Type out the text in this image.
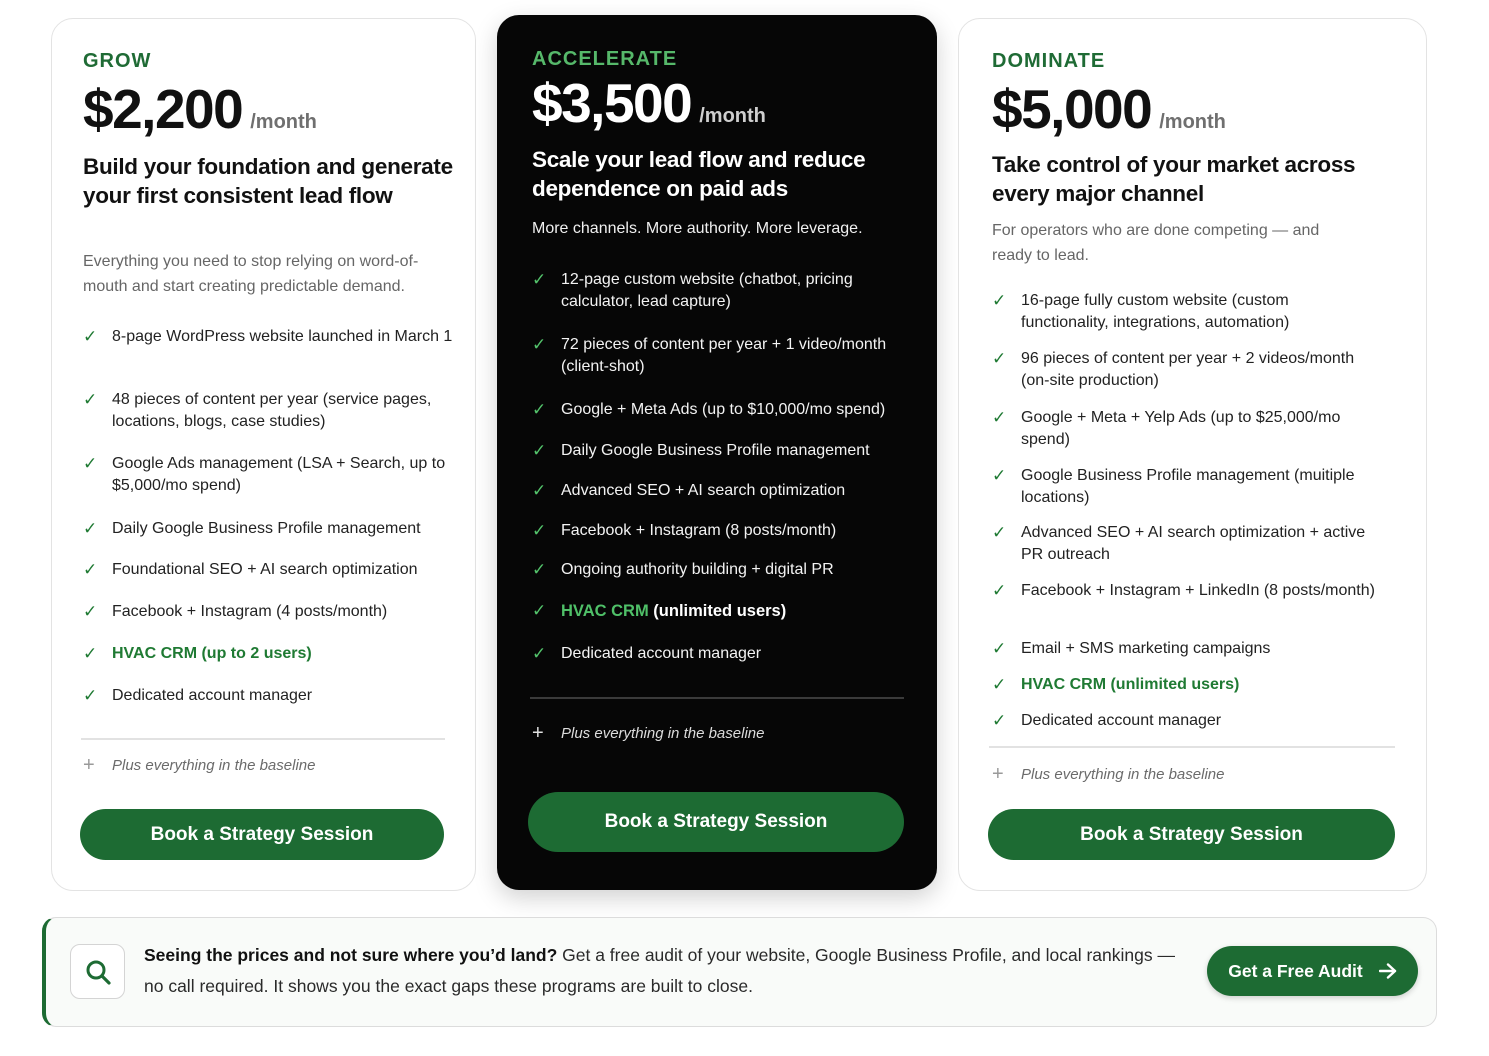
GROW
$2,200 /month
Build your foundation and generate your first consistent lead flow
Everything you need to stop relying on word-of-mouth and start creating predictable demand.
✓ 8-page WordPress website launched in March 1
✓ 48 pieces of content per year (service pages, locations, blogs, case studies)
✓ Google Ads management (LSA + Search, up to $5,000/mo spend)
✓ Daily Google Business Profile management
✓ Foundational SEO + AI search optimization
✓ Facebook + Instagram (4 posts/month)
✓ HVAC CRM (up to 2 users)
✓ Dedicated account manager
+	Plus everything in the baseline
Book a Strategy Session
ACCELERATE
$3,500 /month
Scale your lead flow and reduce dependence on paid ads
More channels. More authority. More leverage.
✓ 12-page custom website (chatbot, pricing calculator, lead capture)
✓ 72 pieces of content per year + 1 video/month (client-shot)
✓ Google + Meta Ads (up to $10,000/mo spend)
✓ Daily Google Business Profile management
✓ Advanced SEO + AI search optimization
✓ Facebook + Instagram (8 posts/month)
✓ Ongoing authority building + digital PR
✓ HVAC CRM (unlimited users)
✓ Dedicated account manager
+	Plus everything in the baseline
Book a Strategy Session
DOMINATE
$5,000 /month
Take control of your market across every major channel
For operators who are done competing — and ready to lead.
✓ 16-page fully custom website (custom functionality, integrations, automation)
✓ 96 pieces of content per year + 2 videos/month (on-site production)
✓ Google + Meta + Yelp Ads (up to $25,000/mo spend)
✓ Google Business Profile management (muitiple locations)
✓ Advanced SEO + AI search optimization + active PR outreach
✓ Facebook + Instagram + LinkedIn (8 posts/month)
✓ Email + SMS marketing campaigns
✓ HVAC CRM (unlimited users)
✓ Dedicated account manager
+	Plus everything in the baseline
Book a Strategy Session
Seeing the prices and not sure where you’d land? Get a free audit of your website, Google Business Profile, and local rankings — no call required. It shows you the exact gaps these programs are built to close.
Get a Free Audit
